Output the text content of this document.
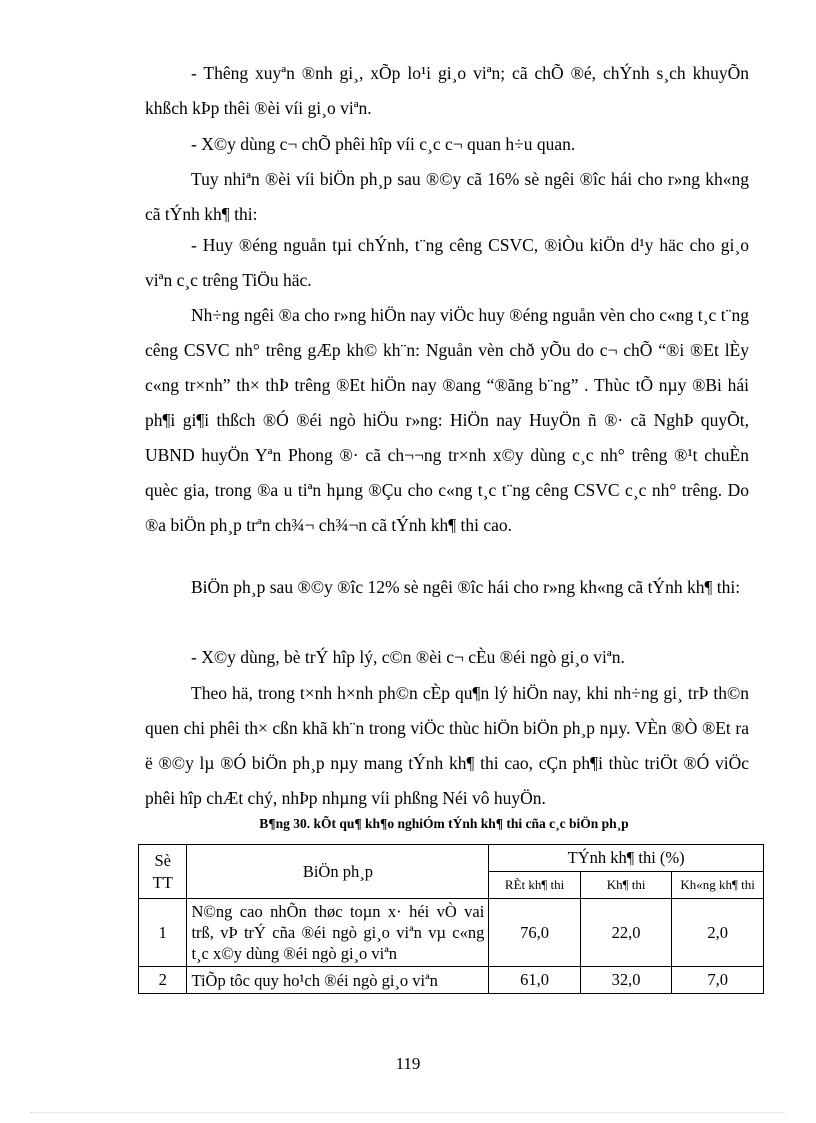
- Thêng xuyªn ®nh gi¸, xÕp lo¹i gi¸o viªn; cã chÕ ®é, chÝnh s¸ch khuyÕn khßch kÞp thêi ®èi víi gi¸o viªn.

- X©y dùng c¬ chÕ phêi hîp víi c¸c c¬ quan h÷u quan.

Tuy nhiªn ®èi víi biÖn ph¸p sau ®©y cã 16% sè ngêi ®îc hái cho r»ng kh«ng cã tÝnh kh¶ thi:

- Huy ®éng nguån tµi chÝnh, t¨ng cêng CSVC, ®iÒu kiÖn d¹y häc cho gi¸o viªn c¸c trêng TiÖu häc.

Nh÷ng ngêi ®a cho r»ng hiÖn nay viÖc huy ®éng nguån vèn cho c«ng t¸c t¨ng cêng CSVC nh° trêng gÆp kh© kh¨n: Nguån vèn chð yÕu do c¬ chÕ “®i ®Et lÈy c«ng tr×nh” th× thÞ trêng ®Et hiÖn nay ®ang “®ãng b¨ng” . Thùc tÕ nµy ®Bi hái ph¶i gi¶i thßch ®Ó ®éi ngò hiÖu r»ng: HiÖn nay HuyÖn ñ ®· cã NghÞ quyÕt, UBND huyÖn Yªn Phong ®· cã ch¬¬ng tr×nh x©y dùng c¸c nh° trêng ®¹t chuÈn quèc gia, trong ®a u tiªn hµng ®Çu cho c«ng t¸c t¨ng cêng CSVC c¸c nh° trêng. Do ®a biÖn ph¸p trªn ch¾¬ ch¾¬n cã tÝnh kh¶ thi cao.

BiÖn ph¸p sau ®©y ®îc 12% sè ngêi ®îc hái cho r»ng kh«ng cã tÝnh kh¶ thi:

- X©y dùng, bè trÝ hîp lý, c©n ®èi c¬ cÈu ®éi ngò gi¸o viªn.

Theo hä, trong t×nh h×nh ph©n cÈp qu¶n lý hiÖn nay, khi nh÷ng gi¸ trÞ th©n quen chi phêi th× cßn khã kh¨n trong viÖc thùc hiÖn biÖn ph¸p nµy. VÈn ®Ò ®Et ra ë ®©y lµ ®Ó biÖn ph¸p nµy mang tÝnh kh¶ thi cao, cÇn ph¶i thùc triÖt ®Ó viÖc phêi hîp chÆt chý, nhÞp nhµng víi phßng Néi vô huyÖn.

B¶ng 30. kÕt qu¶ kh¶o nghiÓm tÝnh kh¶ thi cña c¸c biÖn ph¸p
Sè TT	BiÖn ph¸p	TÝnh kh¶ thi (%)		
		RÈt kh¶ thi	Kh¶ thi	Kh«ng kh¶ thi
1	N©ng cao nhÕn thøc toµn x· héi vÒ vai trß, vÞ trÝ cña ®éi ngò gi¸o viªn vµ c«ng t¸c x©y dùng ®éi ngò gi¸o viªn	76,0	22,0	2,0
2	TiÕp tôc quy ho¹ch ®éi ngò gi¸o viªn	61,0	32,0	7,0
119
